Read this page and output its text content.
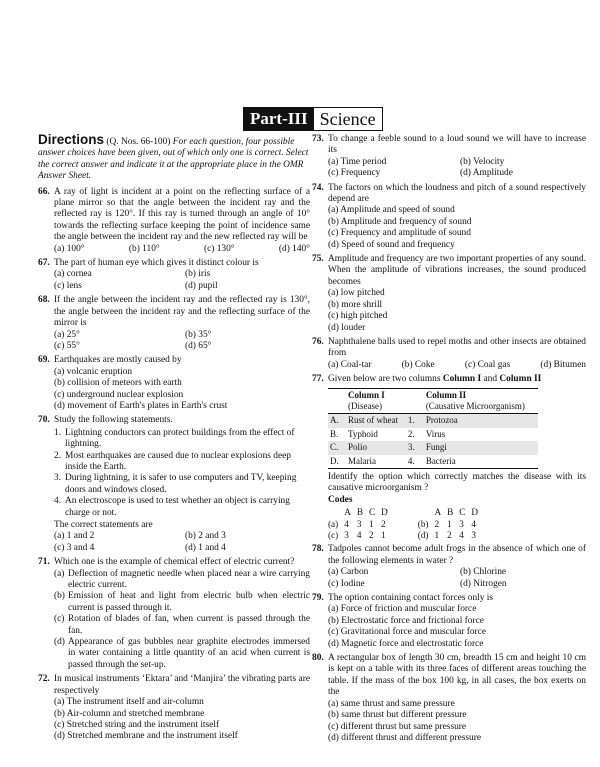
Part-III Science
Directions (Q. Nos. 66-100) For each question, four possible answer choices have been given, out of which only one is correct. Select the correct answer and indicate it at the appropriate place in the OMR Answer Sheet.
66. A ray of light is incident at a point on the reflecting surface of a plane mirror so that the angle between the incident ray and the reflected ray is 120°. If this ray is turned through an angle of 10° towards the reflecting surface keeping the point of incidence same the angle between the incident ray and the new reflected ray will be
(a) 100°	(b) 110°	(c) 130°	(d) 140°
67. The part of human eye which gives it distinct colour is
(a) cornea	(b) iris
(c) lens	(d) pupil
68. If the angle between the incident ray and the reflected ray is 130°, the angle between the incident ray and the reflecting surface of the mirror is
(a) 25°	(b) 35°
(c) 55°	(d) 65°
69. Earthquakes are mostly caused by
(a) volcanic eruption
(b) collision of meteors with earth
(c) underground nuclear explosion
(d) movement of Earth's plates in Earth's crust
70. Study the following statements.
1. Lightning conductors can protect buildings from the effect of lightning.
2. Most earthquakes are caused due to nuclear explosions deep inside the Earth.
3. During lightning, it is safer to use computers and TV, keeping doors and windows closed.
4. An electroscope is used to test whether an object is carrying charge or not.
The correct statements are
(a) 1 and 2	(b) 2 and 3
(c) 3 and 4	(d) 1 and 4
71. Which one is the example of chemical effect of electric current?
(a) Deflection of magnetic needle when placed near a wire carrying electric current.
(b) Emission of heat and light from electric bulb when electric current is passed through it.
(c) Rotation of blades of fan, when current is passed through the fan.
(d) Appearance of gas bubbles near graphite electrodes immersed in water containing a little quantity of an acid when current is passed through the set-up.
72. In musical instruments ‘Ektara’ and ‘Manjira’ the vibrating parts are respectively
(a) The instrument itself and air-column
(b) Air-column and stretched membrane
(c) Stretched string and the instrument itself
(d) Stretched membrane and the instrument itself
73. To change a feeble sound to a loud sound we will have to increase its
(a) Time period	(b) Velocity
(c) Frequency	(d) Amplitude
74. The factors on which the loudness and pitch of a sound respectively depend are
(a) Amplitude and speed of sound
(b) Amplitude and frequency of sound
(c) Frequency and amplitude of sound
(d) Speed of sound and frequency
75. Amplitude and frequency are two important properties of any sound. When the amplitude of vibrations increases, the sound produced becomes
(a) low pitched
(b) more shrill
(c) high pitched
(d) louder
76. Naphthalene balls used to repel moths and other insects are obtained from
(a) Coal-tar	(b) Coke	(c) Coal gas	(d) Bitumen
77. Given below are two columns Column I and Column II
	Column I
(Disease)		Column II
(Causative Microorganism)

A.	Rust of wheat	1.	Protozoa
B.	Typhoid	2.	Virus
C.	Polio	3.	Fungi
D.	Malaria	4.	Bacteria
Identify the option which correctly matches the disease with its causative microorganism ?
Codes
	A	B	C	D			A	B	C	D
(a)	4	3	1	2		(b)	2	1	3	4
(c)	3	4	2	1		(d)	1	2	4	3
78. Tadpoles cannot become adult frogs in the absence of which one of the following elements in water ?
(a) Carbon	(b) Chlorine
(c) Iodine	(d) Nitrogen
79. The option containing contact forces only is
(a) Force of friction and muscular force
(b) Electrostatic force and frictional force
(c) Gravitational force and muscular force
(d) Magnetic force and electrostatic force
80. A rectangular box of length 30 cm, breadth 15 cm and height 10 cm is kept on a table with its three faces of different areas touching the table. If the mass of the box 100 kg, in all cases, the box exerts on the
(a) same thrust and same pressure
(b) same thrust but different pressure
(c) different thrust but same pressure
(d) different thrust and different pressure
